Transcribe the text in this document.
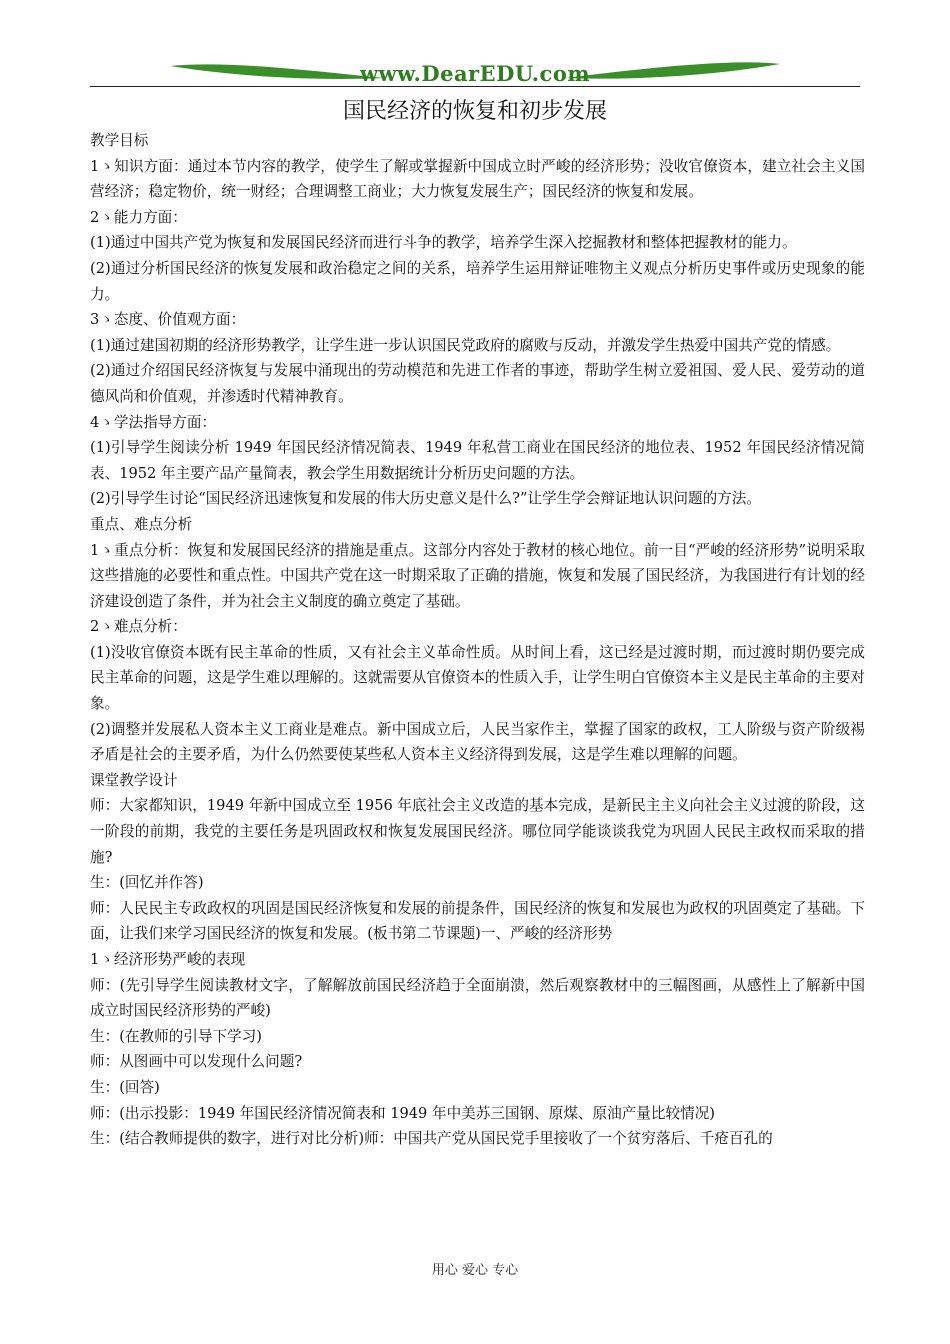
www.DearEDU.com
国民经济的恢复和初步发展

教学目标

1ゝ知识方面：通过本节内容的教学，使学生了解或掌握新中国成立时严峻的经济形势；没收官僚资本，建立社会主义国营经济；稳定物价，统一财经；合理调整工商业；大力恢复发展生产；国民经济的恢复和发展。

2ゝ能力方面：

(1)通过中国共产党为恢复和发展国民经济而进行斗争的教学，培养学生深入挖掘教材和整体把握教材的能力。

(2)通过分析国民经济的恢复发展和政治稳定之间的关系，培养学生运用辩证唯物主义观点分析历史事件或历史现象的能力。

3ゝ态度、价值观方面：

(1)通过建国初期的经济形势教学，让学生进一步认识国民党政府的腐败与反动，并激发学生热爱中国共产党的情感。

(2)通过介绍国民经济恢复与发展中涌现出的劳动模范和先进工作者的事迹，帮助学生树立爱祖国、爱人民、爱劳动的道德风尚和价值观，并渗透时代精神教育。

4ゝ学法指导方面：

(1)引导学生阅读分析 1949 年国民经济情况简表、1949 年私营工商业在国民经济的地位表、1952 年国民经济情况简表、1952 年主要产品产量简表，教会学生用数据统计分析历史问题的方法。

(2)引导学生讨论“国民经济迅速恢复和发展的伟大历史意义是什么?”让学生学会辩证地认识问题的方法。

重点、难点分析

1ゝ重点分析：恢复和发展国民经济的措施是重点。这部分内容处于教材的核心地位。前一目“严峻的经济形势”说明采取这些措施的必要性和重点性。中国共产党在这一时期采取了正确的措施，恢复和发展了国民经济，为我国进行有计划的经济建设创造了条件，并为社会主义制度的确立奠定了基础。

2ゝ难点分析：

(1)没收官僚资本既有民主革命的性质，又有社会主义革命性质。从时间上看，这已经是过渡时期，而过渡时期仍要完成民主革命的问题，这是学生难以理解的。这就需要从官僚资本的性质入手，让学生明白官僚资本主义是民主革命的主要对象。

(2)调整并发展私人资本主义工商业是难点。新中国成立后，人民当家作主，掌握了国家的政权，工人阶级与资产阶级裼 矛盾是社会的主要矛盾，为什么仍然要使某些私人资本主义经济得到发展，这是学生难以理解的问题。

课堂教学设计

师：大家都知识，1949 年新中国成立至 1956 年底社会主义改造的基本完成，是新民主主义向社会主义过渡的阶段，这一阶段的前期，我党的主要任务是巩固政权和恢复发展国民经济。哪位同学能谈谈我党为巩固人民民主政权而采取的措施?

生：(回忆并作答)

师：人民民主专政政权的巩固是国民经济恢复和发展的前提条件，国民经济的恢复和发展也为政权的巩固奠定了基础。下面，让我们来学习国民经济的恢复和发展。(板书第二节课题)一、严峻的经济形势

1ゝ经济形势严峻的表现

师：(先引导学生阅读教材文字，了解解放前国民经济趋于全面崩溃，然后观察教材中的三幅图画，从感性上了解新中国成立时国民经济形势的严峻)

生：(在教师的引导下学习)

师：从图画中可以发现什么问题?

生：(回答)

师：(出示投影：1949 年国民经济情况简表和 1949 年中美苏三国钢、原煤、原油产量比较情况)

生：(结合教师提供的数字，进行对比分析)师：中国共产党从国民党手里接收了一个贫穷落后、千疮百孔的

用心 爱心 专心
